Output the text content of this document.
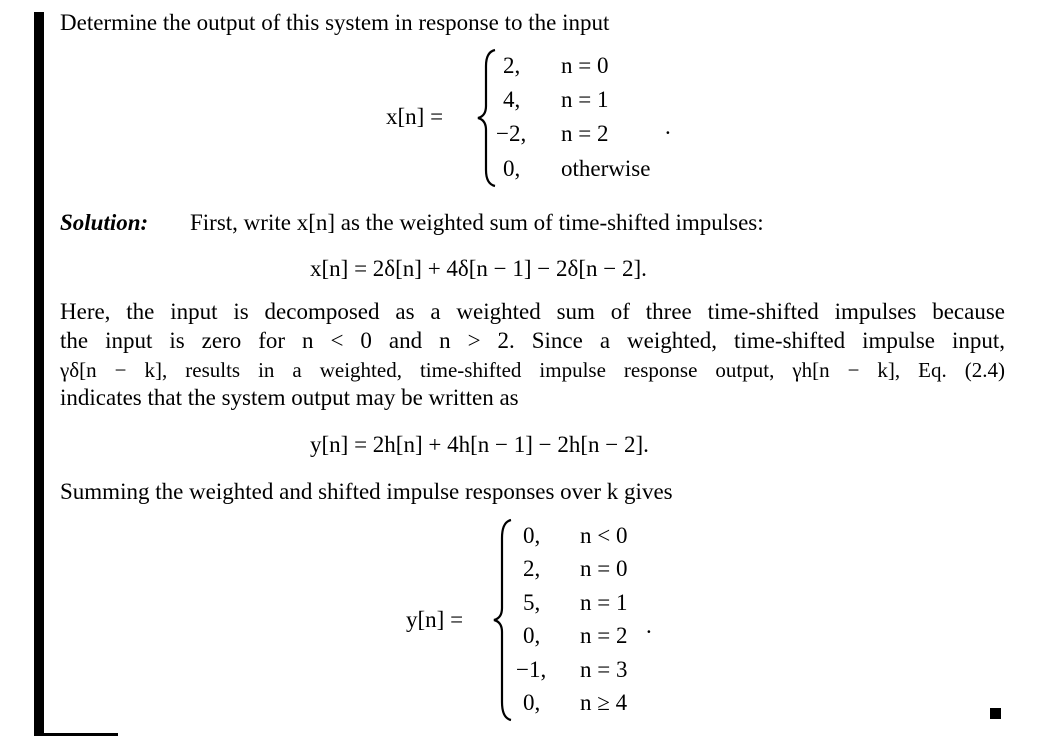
Determine the output of this system in response to the input
x[n] =
2, n = 0
4, n = 1
−2, n = 2
0, otherwise
.
Solution: First, write x[n] as the weighted sum of time-shifted impulses:
x[n] = 2δ[n] + 4δ[n − 1] − 2δ[n − 2].
Here, the input is decomposed as a weighted sum of three time-shifted impulses because
the input is zero for n < 0 and n > 2. Since a weighted, time-shifted impulse input,
γδ[n − k], results in a weighted, time-shifted impulse response output, γh[n − k], Eq. (2.4)
indicates that the system output may be written as
y[n] = 2h[n] + 4h[n − 1] − 2h[n − 2].
Summing the weighted and shifted impulse responses over k gives
y[n] =
0, n < 0
2, n = 0
5, n = 1
0, n = 2
−1, n = 3
0, n ≥ 4
.
